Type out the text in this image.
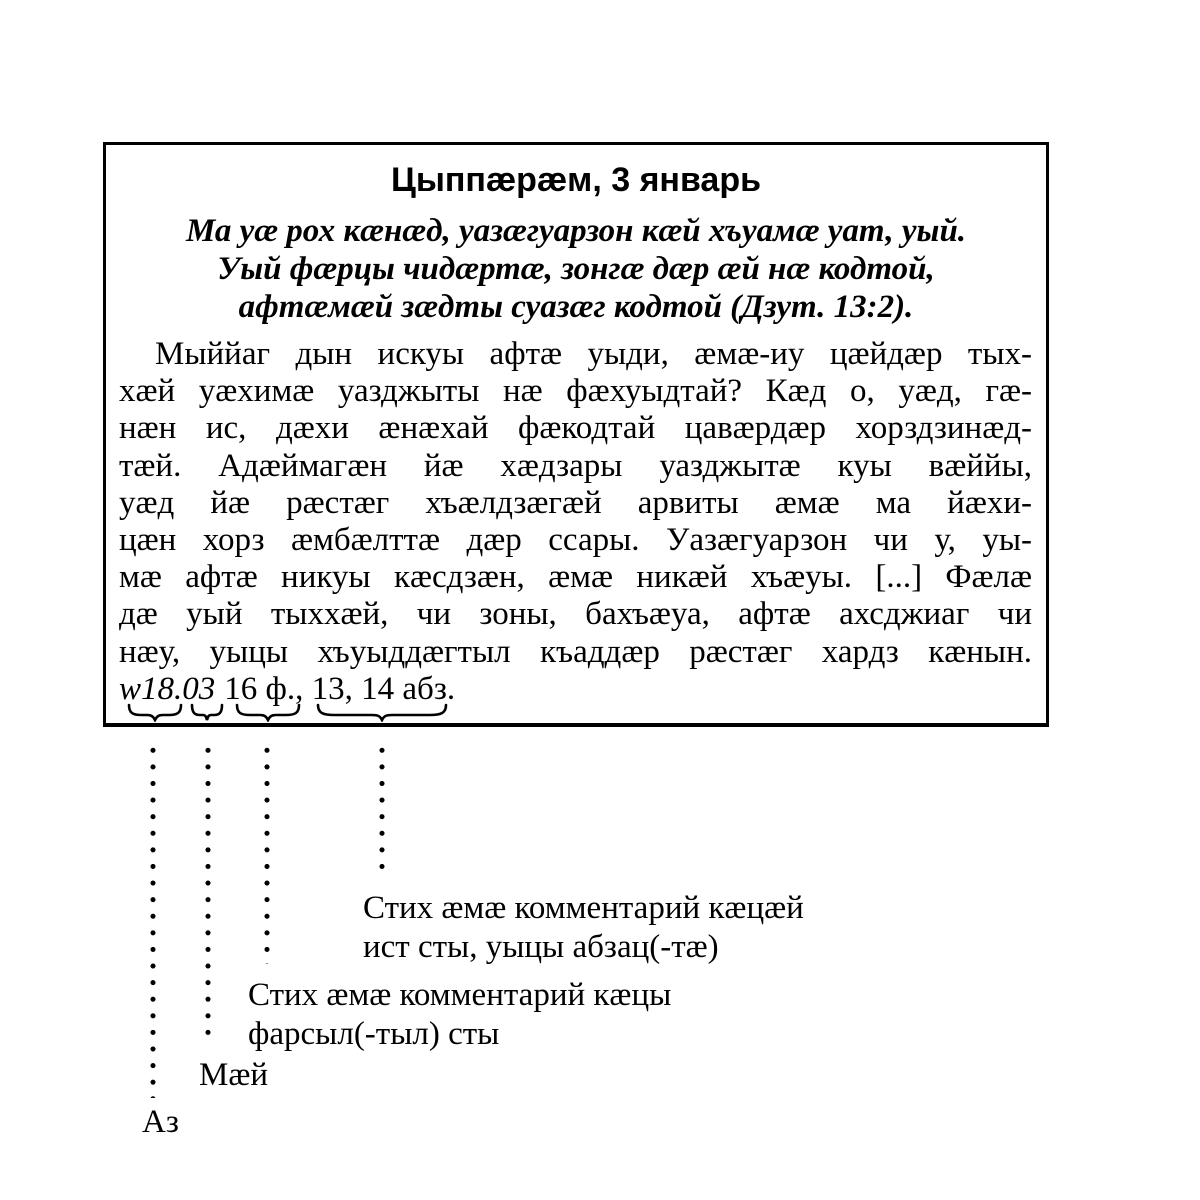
Цыппæрæм, 3 январь
Ма уæ рох кæнæд, уазæгуарзон кæй хъуамæ уат, уый.
Уый фæрцы чидæртæ, зонгæ дæр æй нæ кодтой,
афтæмæй зæдты суазæг кодтой (Дзут. 13:2).
Мыййаг дын искуы афтæ уыди, æмæ-иу цæйдæр тых-
хæй уæхимæ уазджыты нæ фæхуыдтай? Кæд о, уæд, гæ-
нæн ис, дæхи æнæхай фæкодтай цавæрдæр хорздзинæд-
тæй. Адæймагæн йæ хæдзары уазджытæ куы вæййы,
уæд йæ рæстæг хъæлдзæгæй арвиты æмæ ма йæхи-
цæн хорз æмбæлттæ дæр ссары. Уазæгуарзон чи у, уы-
мæ афтæ никуы кæсдзæн, æмæ никæй хъæуы. [...] Фæлæ
дæ уый тыххæй, чи зоны, бахъæуа, афтæ ахсджиаг чи
нæу, уыцы хъуыддæгтыл къаддæр рæстæг хардз кæнын.
w18.03 16 ф., 13, 14 абз.
Стих æмæ комментарий кæцæй
ист сты, уыцы абзац(-тæ)
Стих æмæ комментарий кæцы
фарсыл(-тыл) сты
Мæй
Аз
